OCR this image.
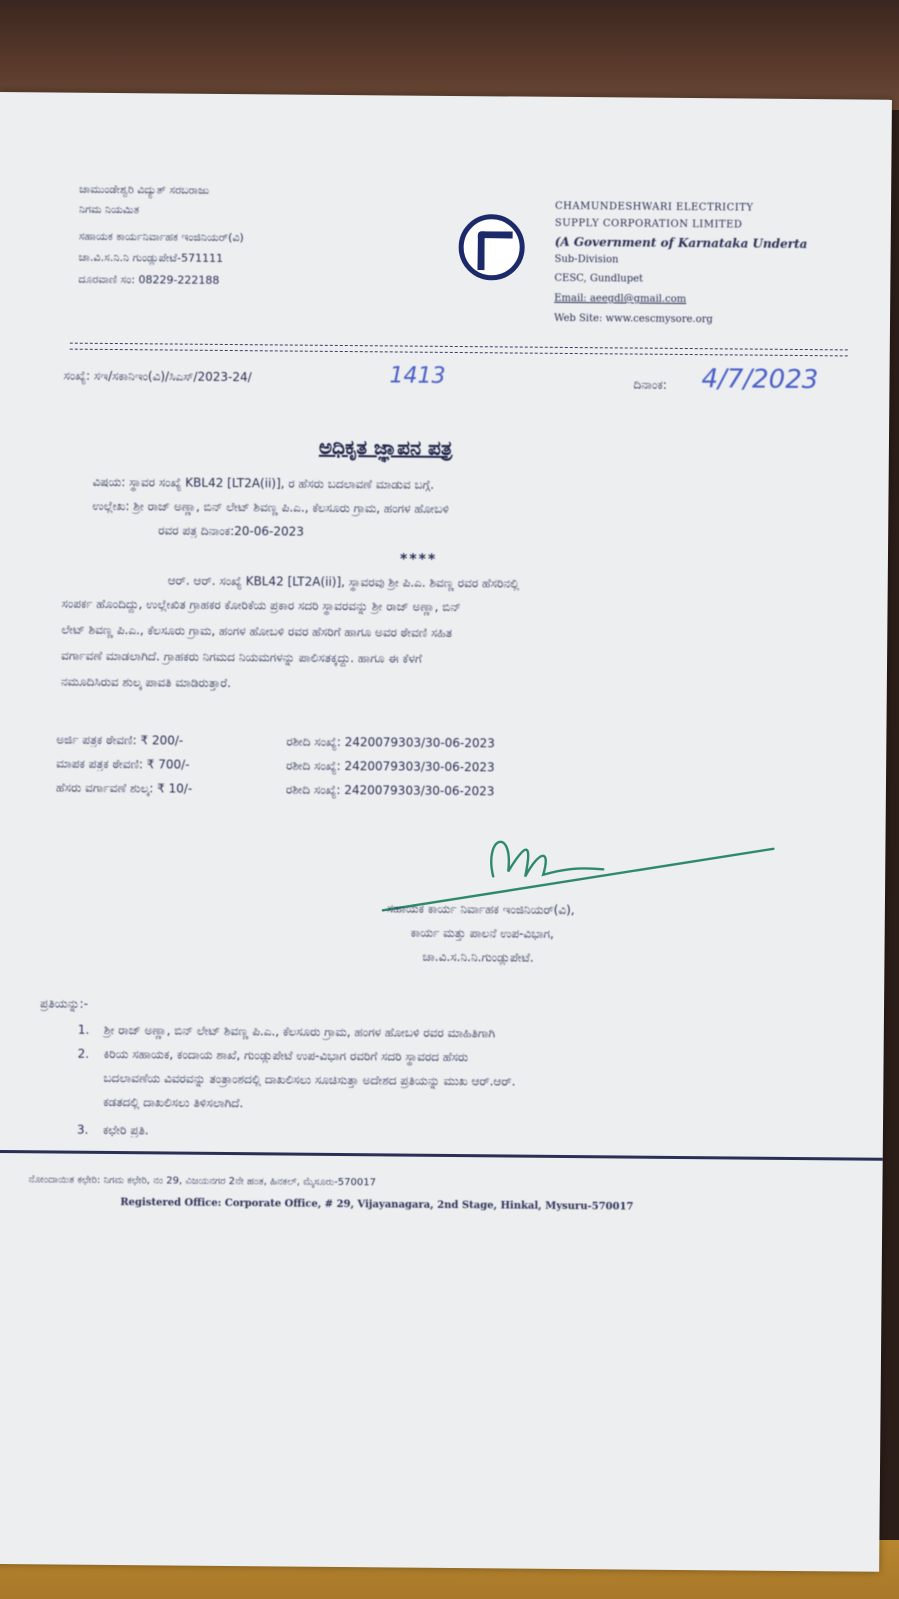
ಚಾಮುಂಡೇಶ್ವರಿ ವಿದ್ಯುತ್ ಸರಬರಾಜು
ನಿಗಮ ನಿಯಮಿತ
ಸಹಾಯಕ ಕಾರ್ಯನಿರ್ವಾಹಕ ಇಂಜಿನಿಯರ್(ವಿ)
ಚಾ.ವಿ.ಸ.ನಿ.ನಿ ಗುಂಡ್ಲುಪೇಟೆ-571111
ದೂರವಾಣಿ ಸಂ: 08229-222188
CHAMUNDESHWARI ELECTRICITY
SUPPLY CORPORATION LIMITED
(A Government of Karnataka Underta
Sub-Division
CESC, Gundlupet
Email: aeegdl@gmail.com
Web Site: www.cescmysore.org
ಸಂಖ್ಯೆ: ಸಇ/ಸಕಾನಿಇಂ(ವಿ)/ಸಿಎಸ್/2023-24/	1413	ದಿನಾಂಕ: 4/7/2023
ಅಧಿಕೃತ ಜ್ಞಾಪನ ಪತ್ರ
ವಿಷಯ: ಸ್ಥಾವರ ಸಂಖ್ಯೆ KBL42 [LT2A(ii)], ರ ಹೆಸರು ಬದಲಾವಣೆ ಮಾಡುವ ಬಗ್ಗೆ.
ಉಲ್ಲೇಖ: ಶ್ರೀ ರಾಜ್ ಅಣ್ಣಾ, ಬಿನ್ ಲೇಟ್ ಶಿವಣ್ಣ ಪಿ.ಎ., ಕೆಲಸೂರು ಗ್ರಾಮ, ಹಂಗಳ ಹೋಬಳಿ
ರವರ ಪತ್ರ ದಿನಾಂಕ:20-06-2023
****
ಆರ್. ಆರ್. ಸಂಖ್ಯೆ KBL42 [LT2A(ii)], ಸ್ಥಾವರವು ಶ್ರೀ ಪಿ.ಎ. ಶಿವಣ್ಣ ರವರ ಹೆಸರಿನಲ್ಲಿ
ಸಂಪರ್ಕ ಹೊಂದಿದ್ದು, ಉಲ್ಲೇಖಿತ ಗ್ರಾಹಕರ ಕೋರಿಕೆಯ ಪ್ರಕಾರ ಸದರಿ ಸ್ಥಾವರವನ್ನು ಶ್ರೀ ರಾಜ್ ಅಣ್ಣಾ, ಬಿನ್
ಲೇಟ್ ಶಿವಣ್ಣ ಪಿ.ಎ., ಕೆಲಸೂರು ಗ್ರಾಮ, ಹಂಗಳ ಹೋಬಳಿ ರವರ ಹೆಸರಿಗೆ ಹಾಗೂ ಅವರ ಠೇವಣಿ ಸಹಿತ
ವರ್ಗಾವಣೆ ಮಾಡಲಾಗಿದೆ. ಗ್ರಾಹಕರು ನಿಗಮದ ನಿಯಮಗಳನ್ನು ಪಾಲಿಸತಕ್ಕದ್ದು. ಹಾಗೂ ಈ ಕೆಳಗೆ
ನಮೂದಿಸಿರುವ ಶುಲ್ಕ ಪಾವತಿ ಮಾಡಿರುತ್ತಾರೆ.
ಅರ್ಜಿ ಪತ್ರಕ ಠೇವಣಿ: ₹ 200/-	ರಶೀದಿ ಸಂಖ್ಯೆ: 2420079303/30-06-2023
ಮಾಪಕ ಪತ್ರಕ ಠೇವಣಿ: ₹ 700/-	ರಶೀದಿ ಸಂಖ್ಯೆ: 2420079303/30-06-2023
ಹೆಸರು ವರ್ಗಾವಣೆ ಶುಲ್ಕ: ₹ 10/-	ರಶೀದಿ ಸಂಖ್ಯೆ: 2420079303/30-06-2023
ಸಹಾಯಕ ಕಾರ್ಯ ನಿರ್ವಾಹಕ ಇಂಜಿನಿಯರ್(ವಿ),
ಕಾರ್ಯ ಮತ್ತು ಪಾಲನೆ ಉಪ-ವಿಭಾಗ,
ಚಾ.ವಿ.ಸ.ನಿ.ನಿ.ಗುಂಡ್ಲುಪೇಟೆ.
ಪ್ರತಿಯನ್ನು:-
1. ಶ್ರೀ ರಾಜ್ ಅಣ್ಣಾ, ಬಿನ್ ಲೇಟ್ ಶಿವಣ್ಣ ಪಿ.ಎ., ಕೆಲಸೂರು ಗ್ರಾಮ, ಹಂಗಳ ಹೋಬಳಿ ರವರ ಮಾಹಿತಿಗಾಗಿ
2. ಕಿರಿಯ ಸಹಾಯಕ, ಕಂದಾಯ ಶಾಖೆ, ಗುಂಡ್ಲುಪೇಟೆ ಉಪ-ವಿಭಾಗ ರವರಿಗೆ ಸದರಿ ಸ್ಥಾವರದ ಹೆಸರು
ಬದಲಾವಣೆಯ ವಿವರವನ್ನು ತಂತ್ರಾಂಶದಲ್ಲಿ ದಾಖಲಿಸಲು ಸೂಚಿಸುತ್ತಾ ಅದೇಶದ ಪ್ರತಿಯನ್ನು ಮುಖ ಆರ್.ಆರ್.
ಕಡತದಲ್ಲಿ ದಾಖಲಿಸಲು ತಿಳಿಸಲಾಗಿದೆ.
3. ಕಛೇರಿ ಪ್ರತಿ.
ನೋಂದಾಯಿತ ಕಛೇರಿ: ನಿಗಮ ಕಛೇರಿ, ನಂ 29, ವಿಜಯನಗರ 2ನೇ ಹಂತ, ಹಿನಕಲ್, ಮೈಸೂರು-570017
Registered Office: Corporate Office, # 29, Vijayanagara, 2nd Stage, Hinkal, Mysuru-570017
